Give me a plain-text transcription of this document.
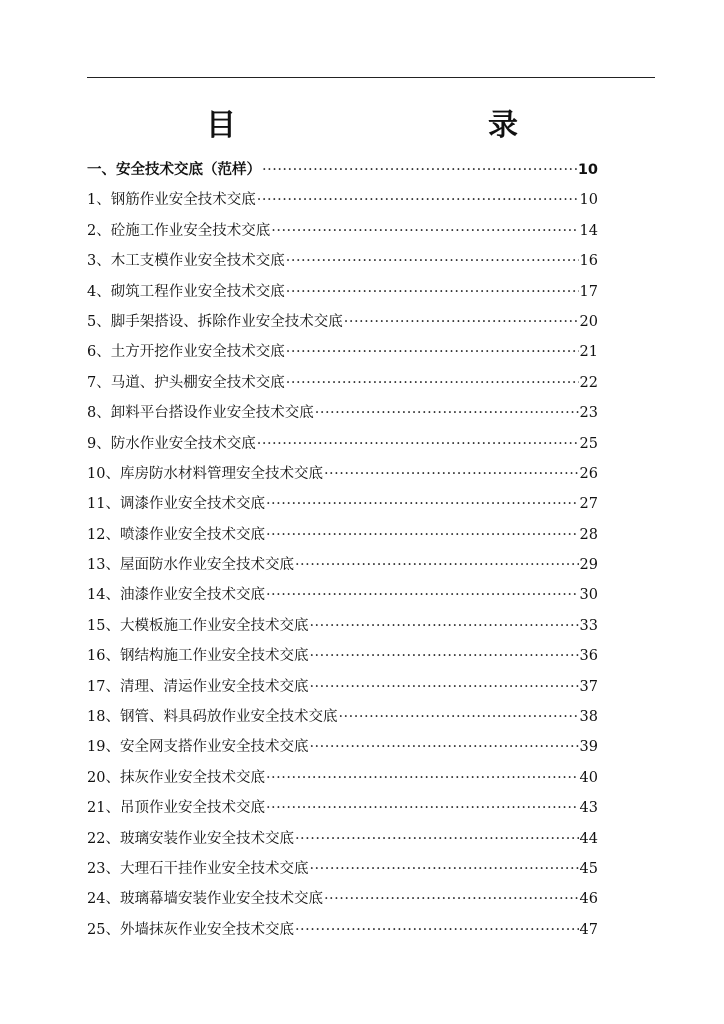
目　　录
一、安全技术交底（范样） ·····	10
1、钢筋作业安全技术交底 ·····	10
2、砼施工作业安全技术交底 ·····	14
3、木工支模作业安全技术交底 ·····	16
4、砌筑工程作业安全技术交底 ·····	17
5、脚手架搭设、拆除作业安全技术交底 ·····	20
6、土方开挖作业安全技术交底 ·····	21
7、马道、护头棚安全技术交底 ·····	22
8、卸料平台搭设作业安全技术交底 ·····	23
9、防水作业安全技术交底 ·····	25
10、库房防水材料管理安全技术交底 ·····	26
11、调漆作业安全技术交底 ·····	27
12、喷漆作业安全技术交底 ·····	28
13、屋面防水作业安全技术交底 ·····	29
14、油漆作业安全技术交底 ·····	30
15、大模板施工作业安全技术交底 ·····	33
16、钢结构施工作业安全技术交底 ·····	36
17、清理、清运作业安全技术交底 ·····	37
18、钢管、料具码放作业安全技术交底 ·····	38
19、安全网支搭作业安全技术交底 ·····	39
20、抹灰作业安全技术交底 ·····	40
21、吊顶作业安全技术交底 ·····	43
22、玻璃安装作业安全技术交底 ·····	44
23、大理石干挂作业安全技术交底 ·····	45
24、玻璃幕墙安装作业安全技术交底 ·····	46
25、外墙抹灰作业安全技术交底 ·····	47
